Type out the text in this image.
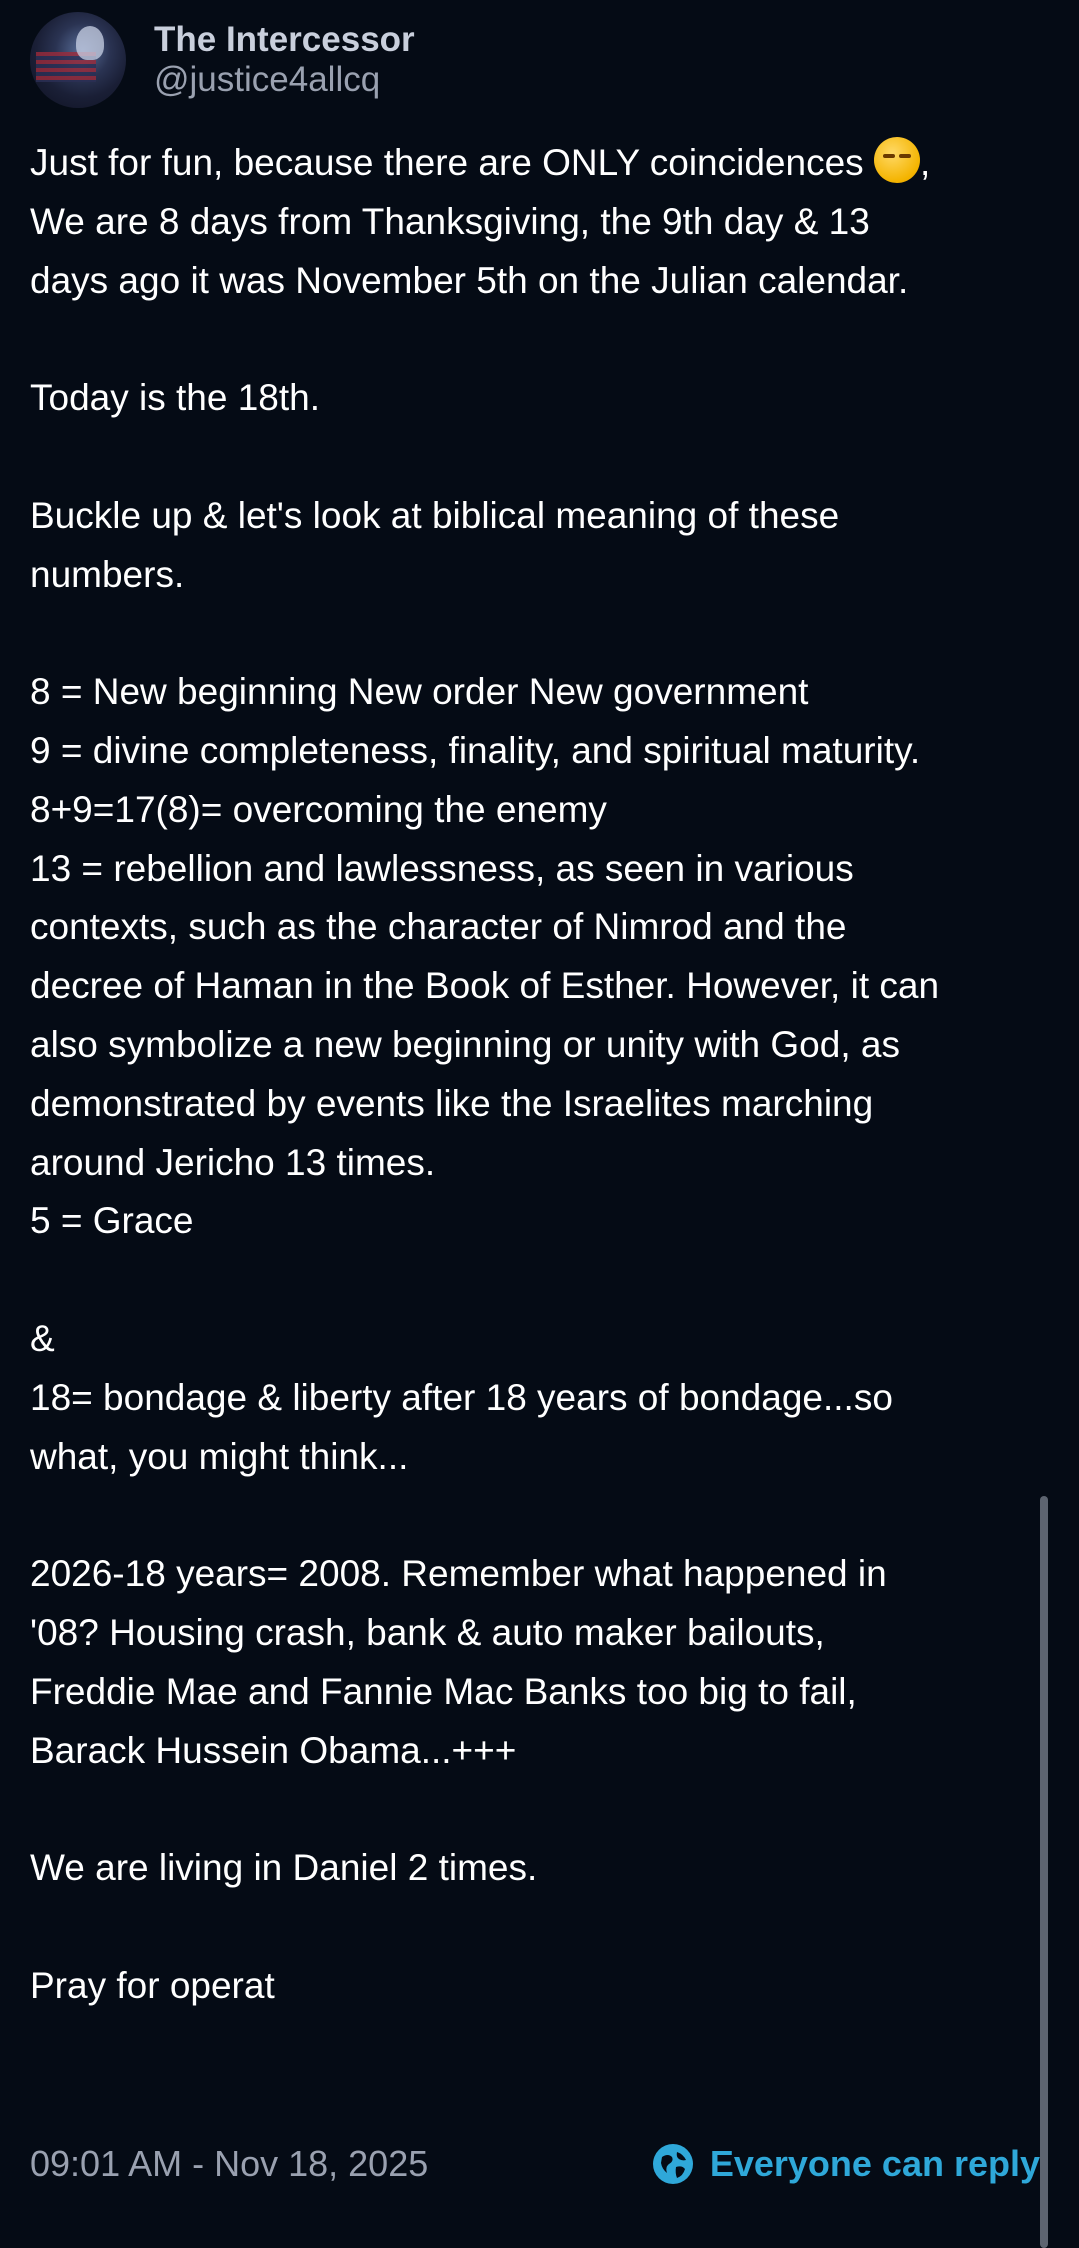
The Intercessor
@justice4allcq
Just for fun, because there are ONLY coincidences ,
We are 8 days from Thanksgiving, the 9th day & 13
days ago it was November 5th on the Julian calendar.

Today is the 18th.

Buckle up & let's look at biblical meaning of these
numbers.

8 = New beginning New order New government
9 = divine completeness, finality, and spiritual maturity.
8+9=17(8)= overcoming the enemy
13 = rebellion and lawlessness, as seen in various
contexts, such as the character of Nimrod and the
decree of Haman in the Book of Esther. However, it can
also symbolize a new beginning or unity with God, as
demonstrated by events like the Israelites marching
around Jericho 13 times.
5 = Grace

&
18= bondage & liberty after 18 years of bondage...so
what, you might think...

2026-18 years= 2008. Remember what happened in
'08? Housing crash, bank & auto maker bailouts,
Freddie Mae and Fannie Mac Banks too big to fail,
Barack Hussein Obama...+++

We are living in Daniel 2 times.

Pray for operat
09:01 AM - Nov 18, 2025	Everyone can reply
